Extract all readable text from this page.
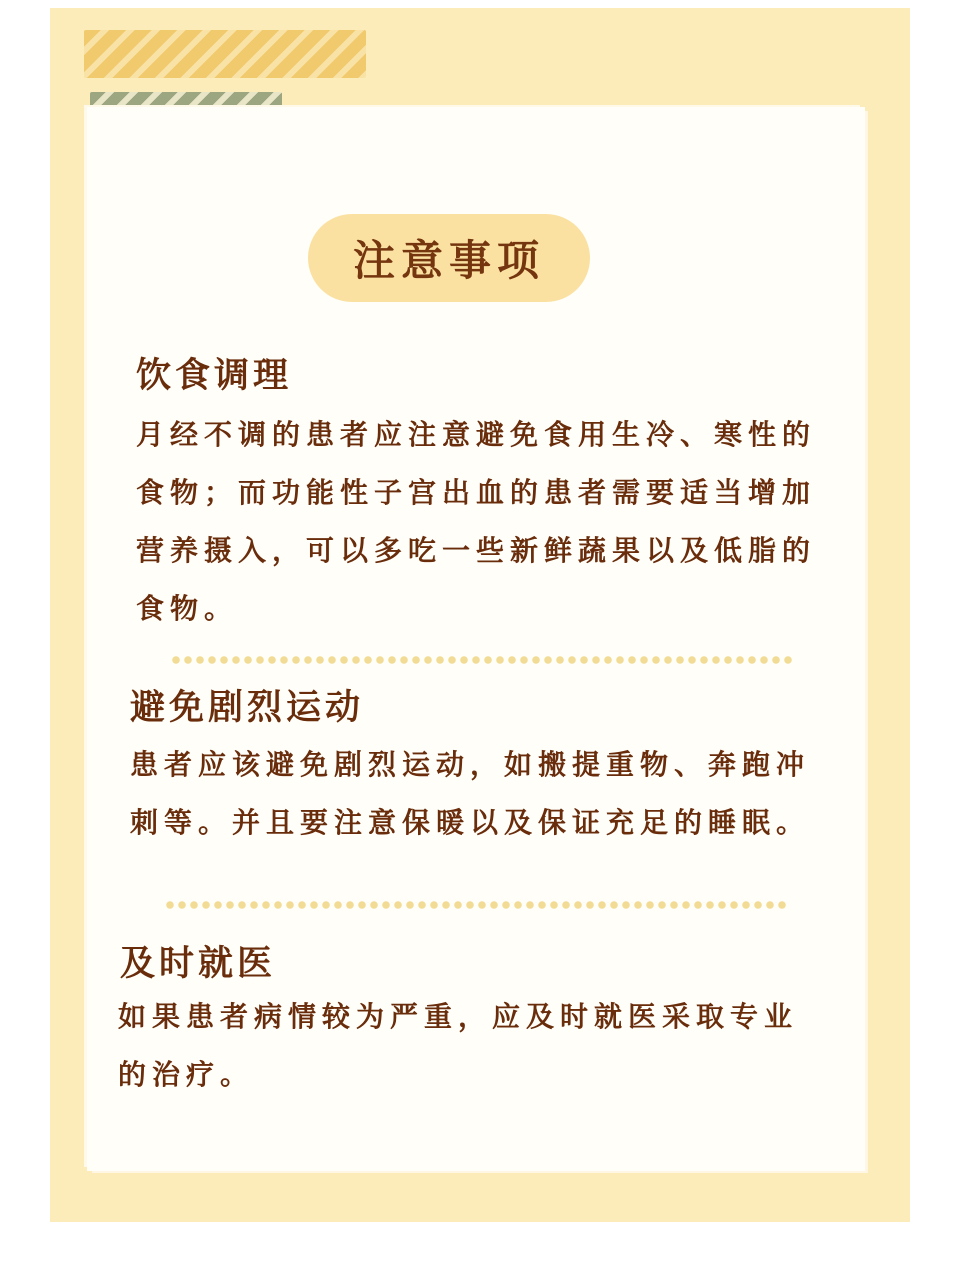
注意事项
饮食调理
月经不调的患者应注意避免食用生冷、寒性的食物；而功能性子宫出血的患者需要适当增加营养摄入，可以多吃一些新鲜蔬果以及低脂的食物。
避免剧烈运动
患者应该避免剧烈运动，如搬提重物、奔跑冲刺等。并且要注意保暖以及保证充足的睡眠。
及时就医
如果患者病情较为严重，应及时就医采取专业的治疗。
